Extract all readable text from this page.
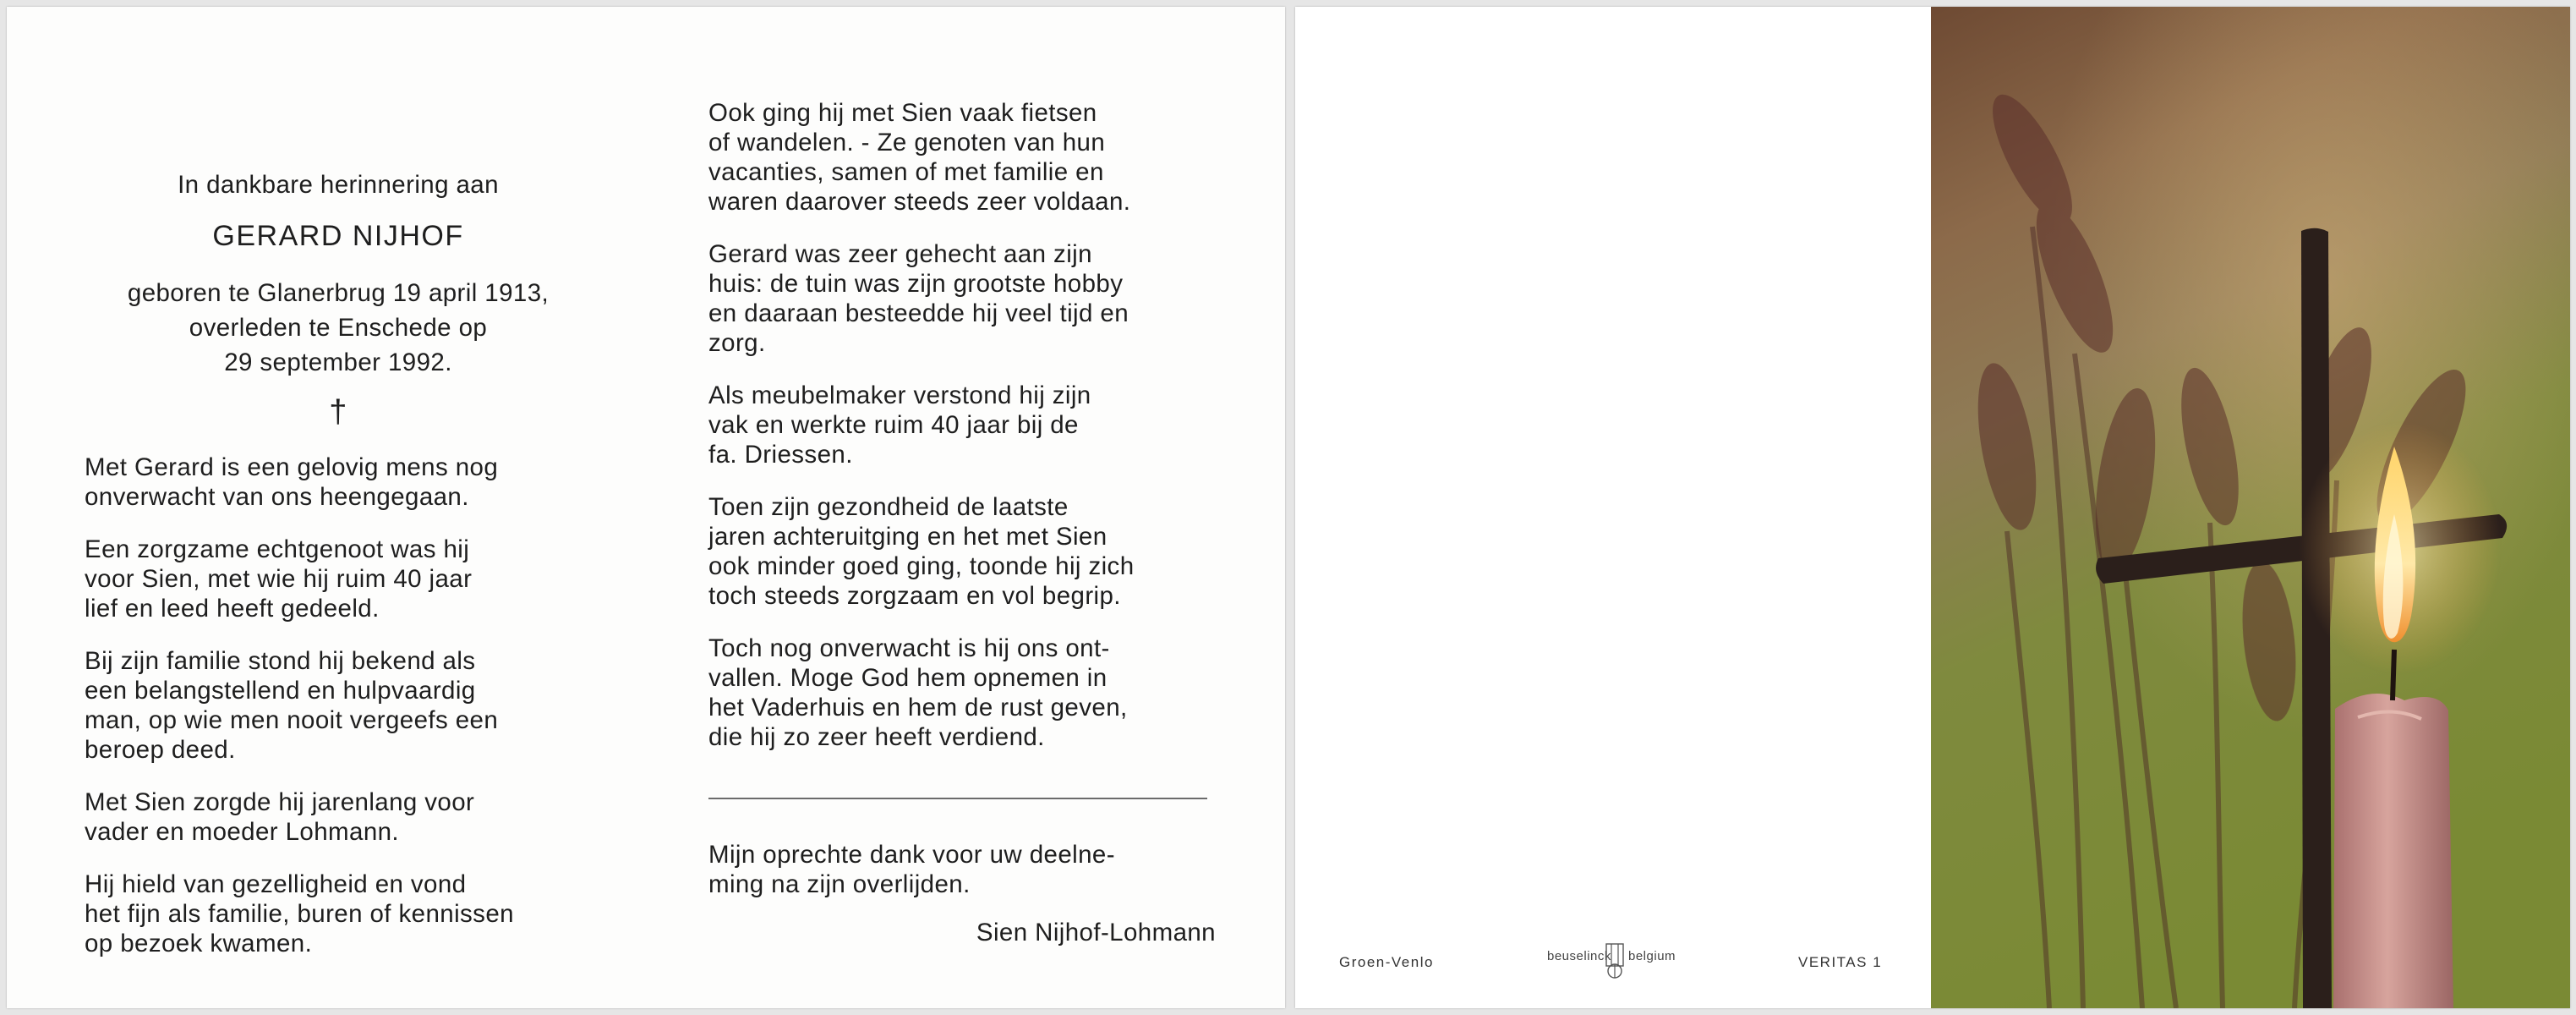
In dankbare herinnering aan
GERARD NIJHOF
geboren te Glanerbrug 19 april 1913,
overleden te Enschede op
29 september 1992.
†

Met Gerard is een gelovig mens nog
onverwacht van ons heengegaan.

Een zorgzame echtgenoot was hij
voor Sien, met wie hij ruim 40 jaar
lief en leed heeft gedeeld.

Bij zijn familie stond hij bekend als
een belangstellend en hulpvaardig
man, op wie men nooit vergeefs een
beroep deed.

Met Sien zorgde hij jarenlang voor
vader en moeder Lohmann.

Hij hield van gezelligheid en vond
het fijn als familie, buren of kennissen
op bezoek kwamen.

Ook ging hij met Sien vaak fietsen
of wandelen. - Ze genoten van hun
vacanties, samen of met familie en
waren daarover steeds zeer voldaan.

Gerard was zeer gehecht aan zijn
huis: de tuin was zijn grootste hobby
en daaraan besteedde hij veel tijd en
zorg.

Als meubelmaker verstond hij zijn
vak en werkte ruim 40 jaar bij de
fa. Driessen.

Toen zijn gezondheid de laatste
jaren achteruitging en het met Sien
ook minder goed ging, toonde hij zich
toch steeds zorgzaam en vol begrip.

Toch nog onverwacht is hij ons ont-
vallen. Moge God hem opnemen in
het Vaderhuis en hem de rust geven,
die hij zo zeer heeft verdiend.

Mijn oprechte dank voor uw deelne-
ming na zijn overlijden.
Sien Nijhof-Lohmann
Groen-Venlo	beuselinck belgium	VERITAS 1
